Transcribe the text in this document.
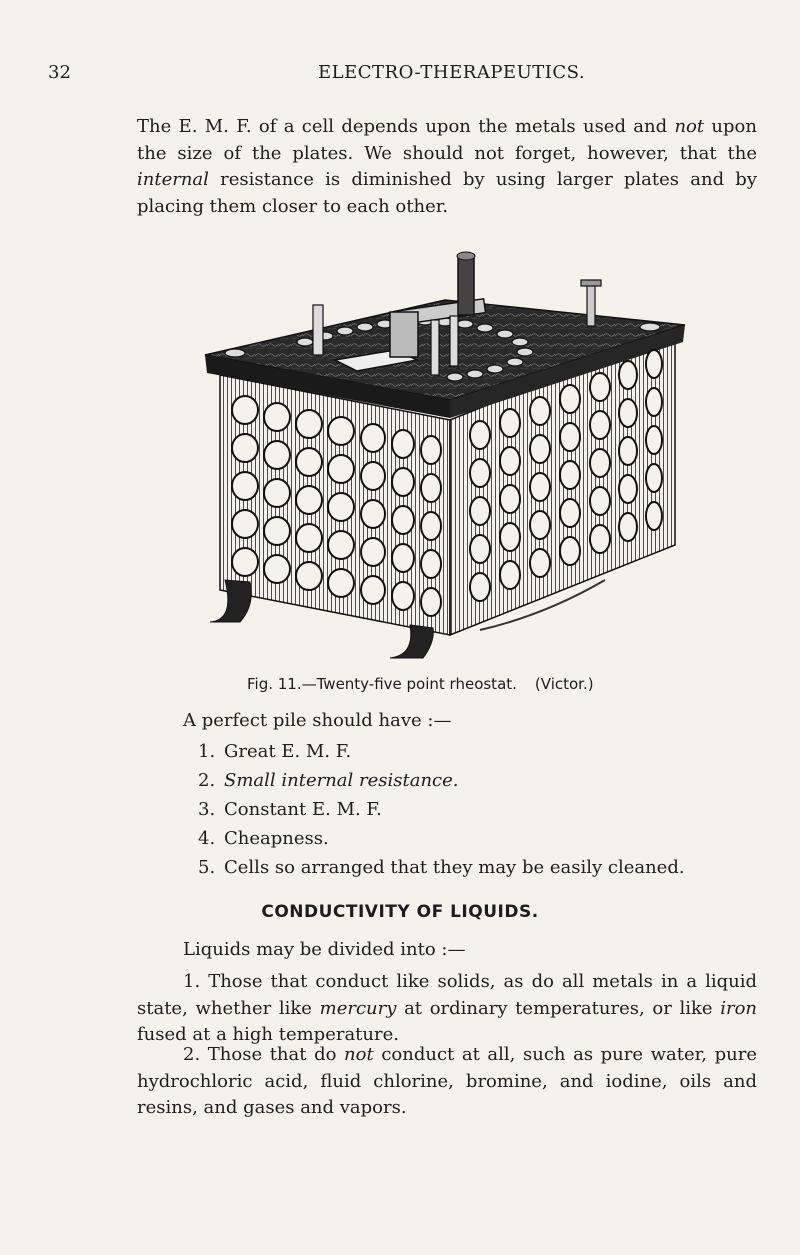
32	ELECTRO-THERAPEUTICS.

The E. M. F. of a cell depends upon the metals used and not upon the size of the plates. We should not forget, however, that the internal resistance is diminished by using larger plates and by placing them closer to each other.

Fig. 11.—Twenty-five point rheostat. (Victor.)
A perfect pile should have :—
1. Great E. M. F.
2. Small internal resistance.
3. Constant E. M. F.
4. Cheapness.
5. Cells so arranged that they may be easily cleaned.
CONDUCTIVITY OF LIQUIDS.
Liquids may be divided into :—

1. Those that conduct like solids, as do all metals in a liquid state, whether like mercury at ordinary temperatures, or like iron fused at a high temperature.

2. Those that do not conduct at all, such as pure water, pure hydrochloric acid, fluid chlorine, bromine, and iodine, oils and resins, and gases and vapors.
